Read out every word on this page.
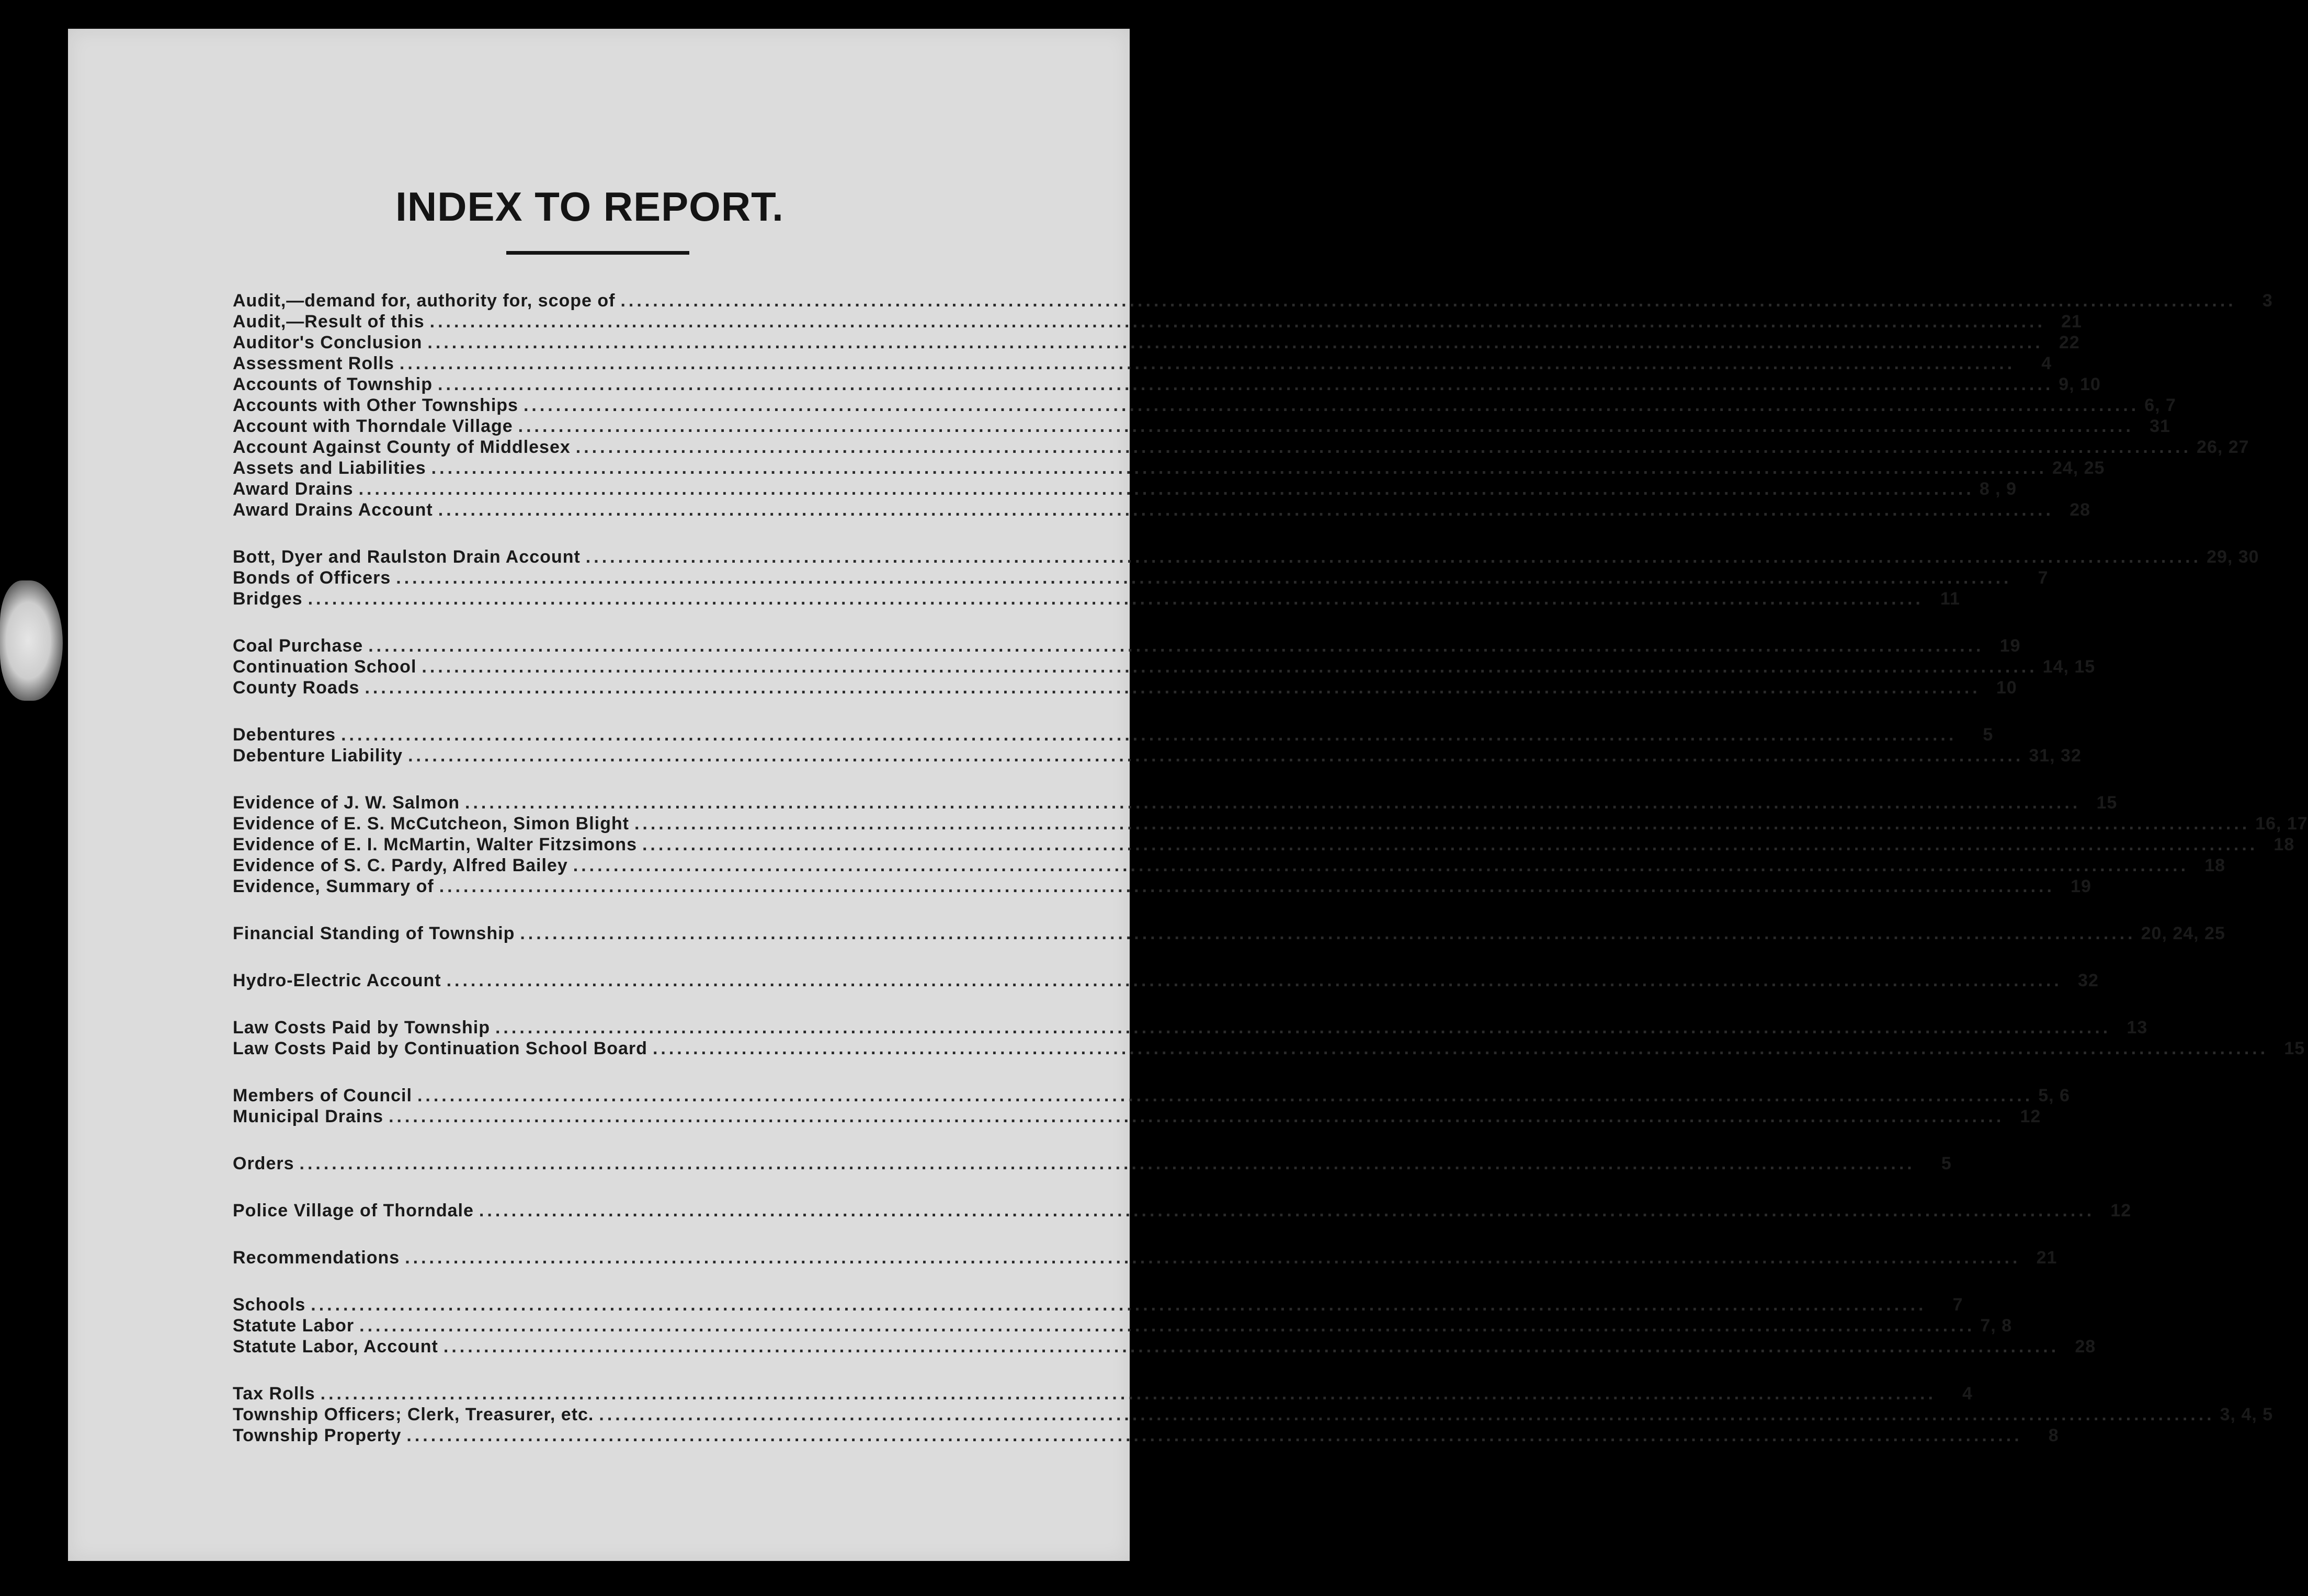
INDEX TO REPORT.
Audit,—demand for, authority for, scope of ........................................................................................................................................................................................................	3
Audit,—Result of this ........................................................................................................................................................................................................ 21
Auditor's Conclusion ........................................................................................................................................................................................................ 22
Assessment Rolls ........................................................................................................................................................................................................	4
Accounts of Township ........................................................................................................................................................................................................ 9, 10
Accounts with Other Townships ........................................................................................................................................................................................................ 6, 7
Account with Thorndale Village ........................................................................................................................................................................................................ 31
Account Against County of Middlesex ........................................................................................................................................................................................................ 26, 27
Assets and Liabilities ........................................................................................................................................................................................................ 24, 25
Award Drains ........................................................................................................................................................................................................ 8 , 9
Award Drains Account ........................................................................................................................................................................................................ 28
Bott, Dyer and Raulston Drain Account ........................................................................................................................................................................................................ 29, 30
Bonds of Officers ........................................................................................................................................................................................................	7
Bridges ........................................................................................................................................................................................................ 11
Coal Purchase ........................................................................................................................................................................................................ 19
Continuation School ........................................................................................................................................................................................................ 14, 15
County Roads ........................................................................................................................................................................................................ 10
Debentures ........................................................................................................................................................................................................	5
Debenture Liability ........................................................................................................................................................................................................ 31, 32
Evidence of J. W. Salmon ........................................................................................................................................................................................................ 15
Evidence of E. S. McCutcheon, Simon Blight ........................................................................................................................................................................................................ 16, 17
Evidence of E. I. McMartin, Walter Fitzsimons ........................................................................................................................................................................................................ 18
Evidence of S. C. Pardy, Alfred Bailey ........................................................................................................................................................................................................ 18
Evidence, Summary of ........................................................................................................................................................................................................ 19
Financial Standing of Township ........................................................................................................................................................................................................ 20, 24, 25
Hydro-Electric Account ........................................................................................................................................................................................................ 32
Law Costs Paid by Township ........................................................................................................................................................................................................ 13
Law Costs Paid by Continuation School Board ........................................................................................................................................................................................................ 15
Members of Council ........................................................................................................................................................................................................ 5, 6
Municipal Drains ........................................................................................................................................................................................................ 12
Orders ........................................................................................................................................................................................................	5
Police Village of Thorndale ........................................................................................................................................................................................................ 12
Recommendations ........................................................................................................................................................................................................ 21
Schools ........................................................................................................................................................................................................	7
Statute Labor ........................................................................................................................................................................................................ 7, 8
Statute Labor, Account ........................................................................................................................................................................................................ 28
Tax Rolls ........................................................................................................................................................................................................	4
Township Officers; Clerk, Treasurer, etc. ........................................................................................................................................................................................................ 3, 4, 5
Township Property ........................................................................................................................................................................................................	8
